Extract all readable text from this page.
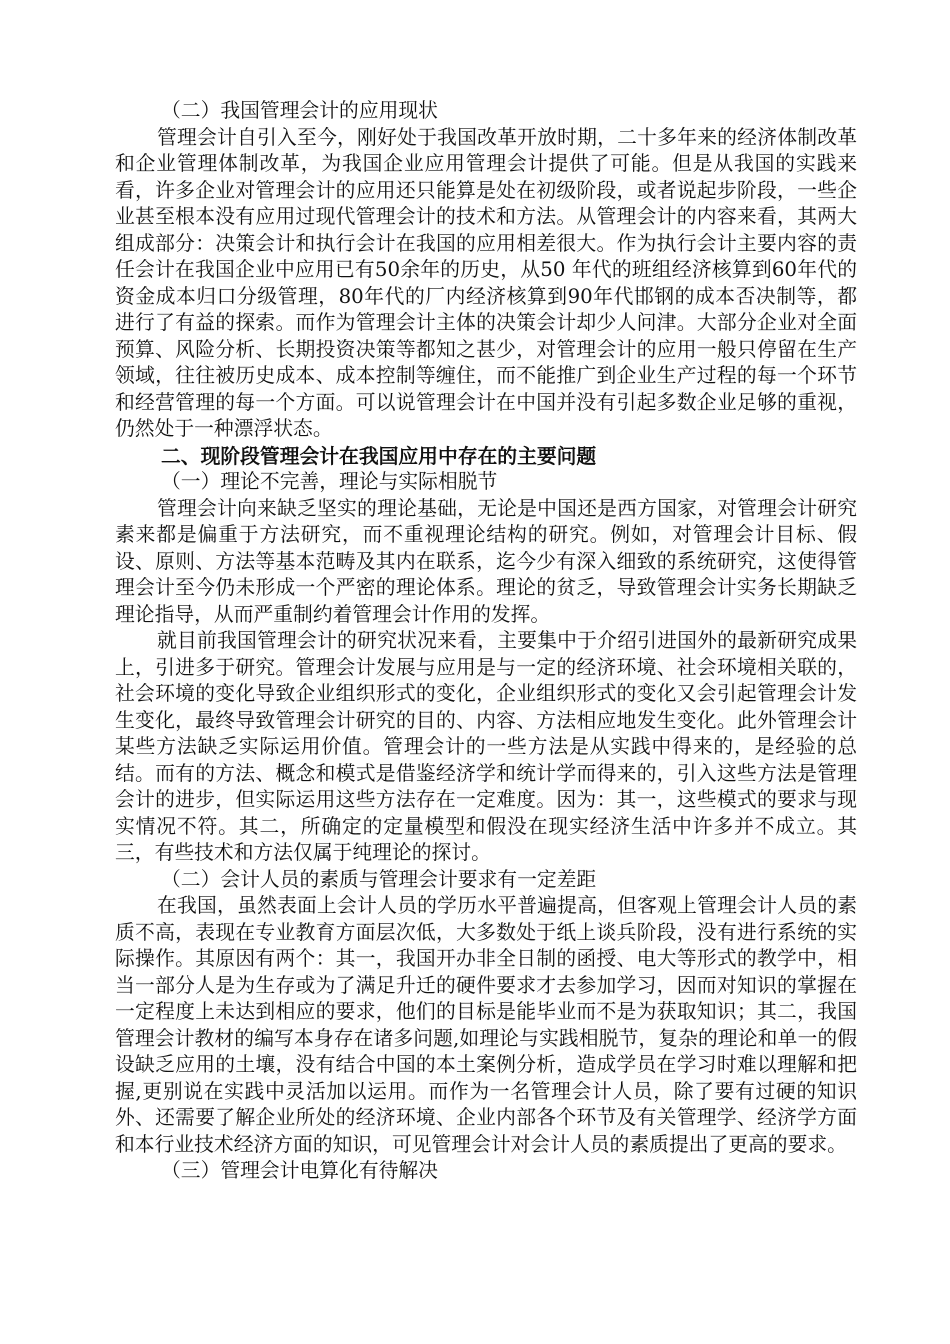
（二）我国管理会计的应用现状

管理会计自引入至今，刚好处于我国改革开放时期，二十多年来的经济体制改革和企业管理体制改革，为我国企业应用管理会计提供了可能。但是从我国的实践来看，许多企业对管理会计的应用还只能算是处在初级阶段，或者说起步阶段，一些企业甚至根本没有应用过现代管理会计的技术和方法。从管理会计的内容来看，其两大组成部分：决策会计和执行会计在我国的应用相差很大。作为执行会计主要内容的责任会计在我国企业中应用已有50余年的历史，从50 年代的班组经济核算到60年代的资金成本归口分级管理，80年代的厂内经济核算到90年代邯钢的成本否决制等，都进行了有益的探索。而作为管理会计主体的决策会计却少人问津。大部分企业对全面预算、风险分析、长期投资决策等都知之甚少，对管理会计的应用一般只停留在生产领域，往往被历史成本、成本控制等缠住，而不能推广到企业生产过程的每一个环节和经营管理的每一个方面。可以说管理会计在中国并没有引起多数企业足够的重视，仍然处于一种漂浮状态。

二、现阶段管理会计在我国应用中存在的主要问题

（一）理论不完善，理论与实际相脱节

管理会计向来缺乏坚实的理论基础，无论是中国还是西方国家，对管理会计研究素来都是偏重于方法研究，而不重视理论结构的研究。例如，对管理会计目标、假设、原则、方法等基本范畴及其内在联系，迄今少有深入细致的系统研究，这使得管理会计至今仍未形成一个严密的理论体系。理论的贫乏，导致管理会计实务长期缺乏理论指导，从而严重制约着管理会计作用的发挥。

就目前我国管理会计的研究状况来看，主要集中于介绍引进国外的最新研究成果上，引进多于研究。管理会计发展与应用是与一定的经济环境、社会环境相关联的，社会环境的变化导致企业组织形式的变化，企业组织形式的变化又会引起管理会计发生变化，最终导致管理会计研究的目的、内容、方法相应地发生变化。此外管理会计某些方法缺乏实际运用价值。管理会计的一些方法是从实践中得来的，是经验的总结。而有的方法、概念和模式是借鉴经济学和统计学而得来的，引入这些方法是管理会计的进步，但实际运用这些方法存在一定难度。因为：其一，这些模式的要求与现实情况不符。其二，所确定的定量模型和假没在现实经济生活中许多并不成立。其三，有些技术和方法仅属于纯理论的探讨。

（二）会计人员的素质与管理会计要求有一定差距

在我国，虽然表面上会计人员的学历水平普遍提高，但客观上管理会计人员的素质不高，表现在专业教育方面层次低，大多数处于纸上谈兵阶段，没有进行系统的实际操作。其原因有两个：其一，我国开办非全日制的函授、电大等形式的教学中，相当一部分人是为生存或为了满足升迁的硬件要求才去参加学习，因而对知识的掌握在一定程度上未达到相应的要求，他们的目标是能毕业而不是为获取知识；其二，我国管理会计教材的编写本身存在诸多问题,如理论与实践相脱节，复杂的理论和单一的假设缺乏应用的土壤，没有结合中国的本土案例分析，造成学员在学习时难以理解和把握,更别说在实践中灵活加以运用。而作为一名管理会计人员，除了要有过硬的知识外、还需要了解企业所处的经济环境、企业内部各个环节及有关管理学、经济学方面和本行业技术经济方面的知识，可见管理会计对会计人员的素质提出了更高的要求。

（三）管理会计电算化有待解决
